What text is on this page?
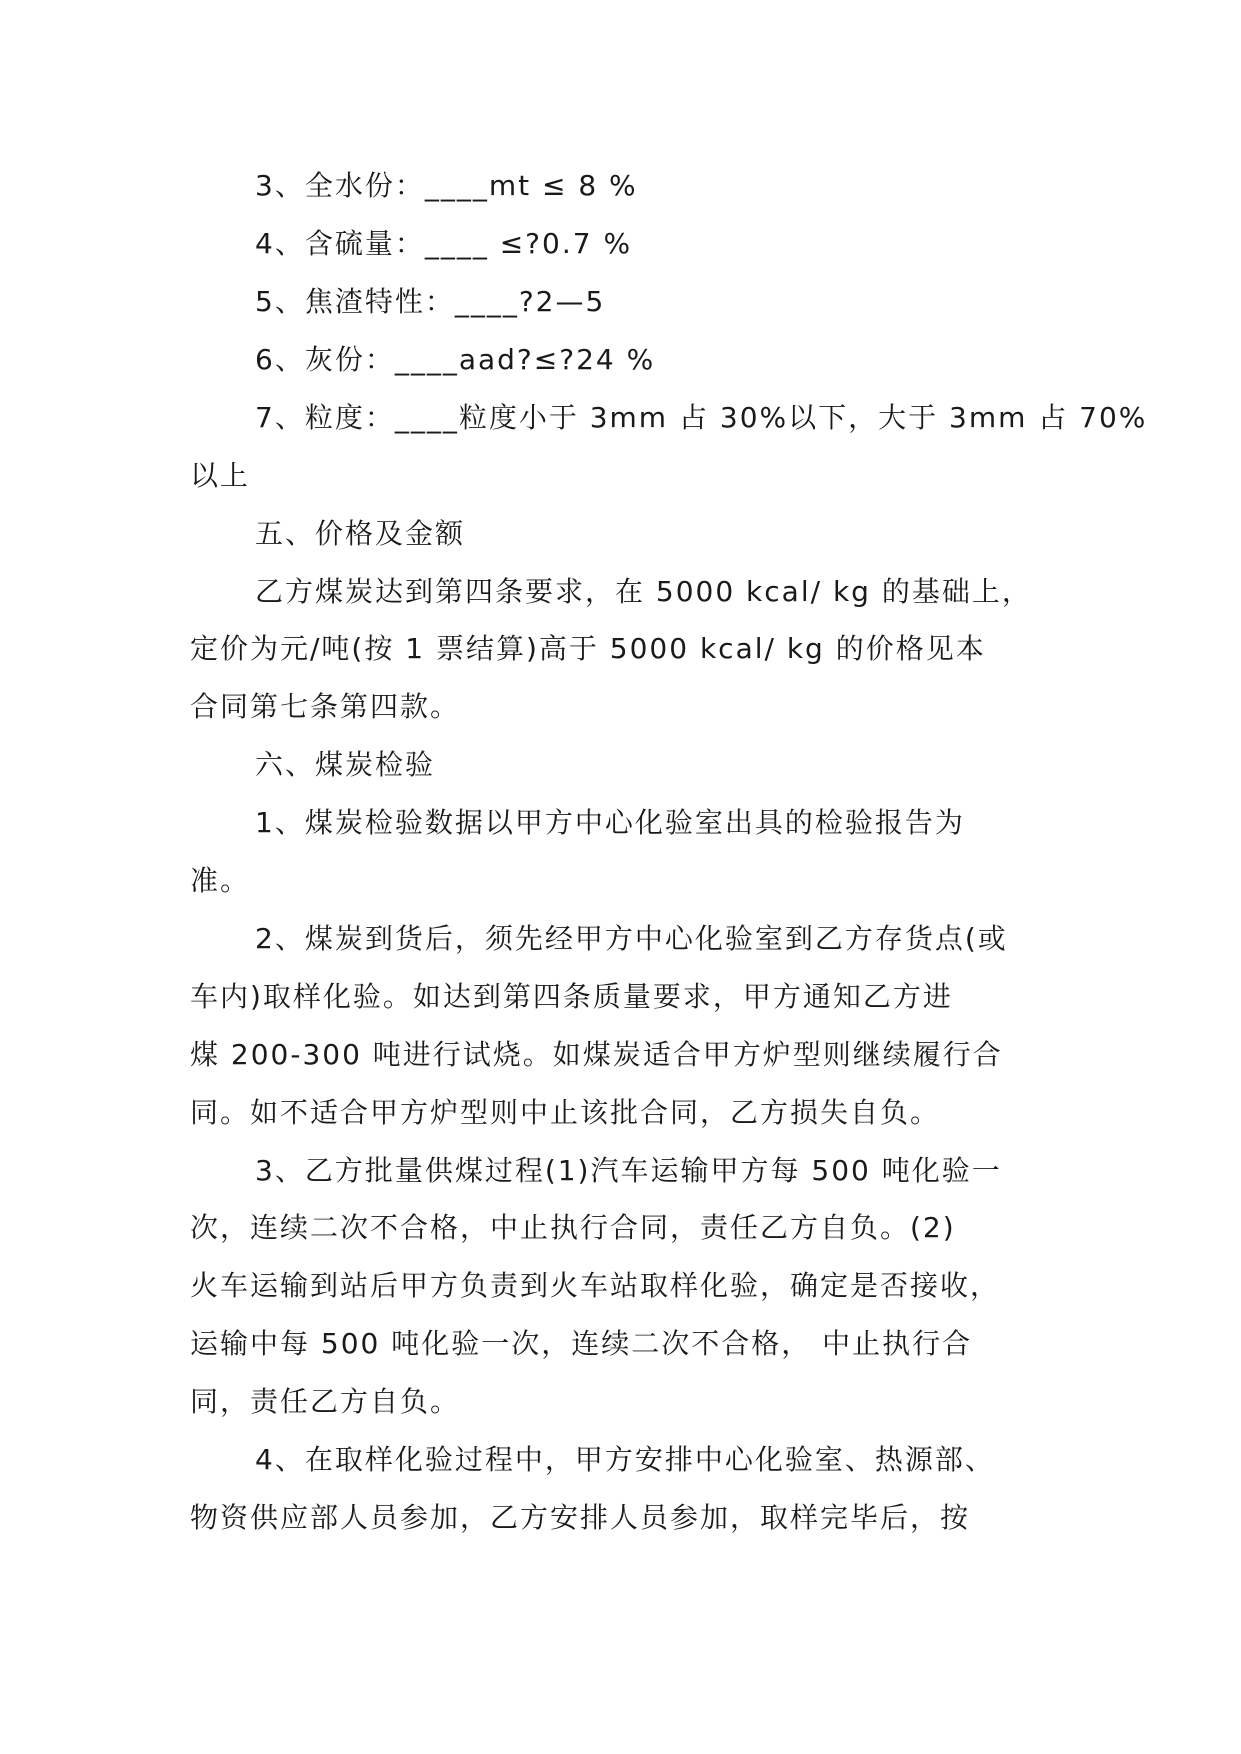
3、全水份：____mt ≤ 8 %
4、含硫量：____ ≤?0.7 %
5、焦渣特性：____?2—5
6、灰份：____aad?≤?24 %
7、粒度：____粒度小于 3mm 占 30%以下，大于 3mm 占 70%
以上
五、价格及金额
乙方煤炭达到第四条要求，在 5000 kcal/ kg 的基础上，
定价为元/吨(按 1 票结算)高于 5000 kcal/ kg 的价格见本
合同第七条第四款。
六、煤炭检验
1、煤炭检验数据以甲方中心化验室出具的检验报告为
准。
2、煤炭到货后，须先经甲方中心化验室到乙方存货点(或
车内)取样化验。如达到第四条质量要求，甲方通知乙方进
煤 200-300 吨进行试烧。如煤炭适合甲方炉型则继续履行合
同。如不适合甲方炉型则中止该批合同，乙方损失自负。
3、乙方批量供煤过程(1)汽车运输甲方每 500 吨化验一
次，连续二次不合格，中止执行合同，责任乙方自负。(2)
火车运输到站后甲方负责到火车站取样化验，确定是否接收，
运输中每 500 吨化验一次，连续二次不合格， 中止执行合
同，责任乙方自负。
4、在取样化验过程中，甲方安排中心化验室、热源部、
物资供应部人员参加，乙方安排人员参加，取样完毕后，按
